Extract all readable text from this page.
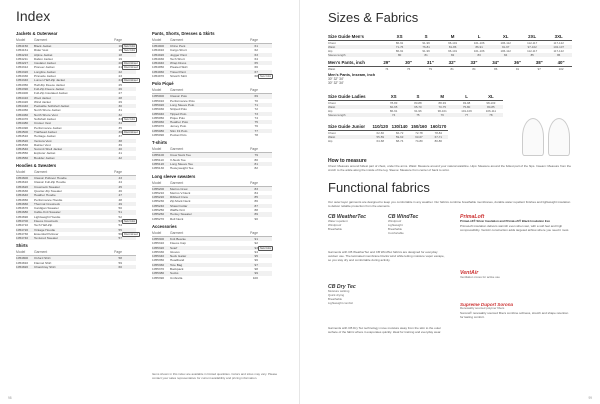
Index
Jackets & Outerwear
Model	Garment	Page
1054150	Black Jacket	16 New Color
1054161	Rider Vest	16 New Color
1054210	Alpine Jacket	18
1054211	Dalton Jacket	19
1054227	Insulator Jacket	20 Discontinued
1054312	Pioneer Jacket	21 Discontinued
1054320	Longline Jacket	22
1054330	Pinnacle Jacket	23
1054340	Lumen Half-Zip Jacket	24 Discontinued
1054350	Half-Zip Fleece Jacket	25
1054390	Full-Zip Fleece Jacket	26
1054400	Full-Zip Insulated Jacket	27
1054410	Wool Jacket	28
1054420	Wind Jacket	29
1054440	Packable Softshell Jacket	30
1054450	North Shore Jacket	31
1054460	North Shore Vest	32
1054470	Softshell Jacket	33 New Color
1054480	Cruiser Vest	34
1054490	Performance Jacket	35
1054500	Trailhead Jacket	36 Discontinued
1054510	Heritage Jacket	37
1054520	Ventura Vest	38
1054530	Rainier Vest	39
1054540	Summit Shell Jacket	40
1054550	Explorer Jacket	41
1054560	Boulder Jacket	42
Hoodies & Sweaters
Model	Garment	Page
1054600	Classic Pullover Hoodie	43
1054610	Classic Full-Zip Hoodie	44
1054620	Crewneck Sweater	45
1054630	Quarter-Zip Sweater	46
1054640	Heather Hoodie	47
1054650	Performance Hoodie	48
1054660	Thermal Crewneck	49
1054670	Cardigan Sweater	50
1054680	Cable-Knit Sweater	51
1054690	Lightweight Hoodie	52
1054700	Fleece Crewneck	53 New Color
1054710	Tech Half-Zip	54
1054720	Vintage Hoodie	55
1054730	Essential Pullover	56 Discontinued
1054740	Textured Sweater	57
Shirts
Model	Garment	Page
1054800	Oxford Shirt	58
1054810	Flannel Shirt	59
1054820	Chambray Shirt	60
Pants, Shorts, Dresses & Skirts
Model	Garment	Page
1054900	Chino Pant	61
1054910	Cargo Short	62
1054920	Jogger Pant	63
1054930	Tech Short	64
1054940	Wrap Dress	65
1054950	Pleated Skirt	66
1054960	Travel Pant	67
1054970	Stretch Skirt	68 New Color
Polo Piqué
Model	Garment	Page
1055000	Classic Polo	69
1055010	Performance Polo	70
1055020	Long Sleeve Polo	71
1055030	Striped Polo	72
1055040	Tipped Polo	73
1055050	Pique Polo	74
1055060	Heather Polo	75
1055070	Jersey Polo	76
1055080	Slim Fit Polo	77
1055090	Pocket Polo	78
T-shirts
Model	Garment	Page
1055100	Crew Neck Tee	79
1055110	V-Neck Tee	80
1055120	Long Sleeve Tee	81
1055130	Heavyweight Tee	82
Long sleeve sweaters
Model	Garment	Page
1055200	Merino Crew	83
1055210	Merino V-Neck	84
1055220	Ribbed Crew	85
1055230	Zip Mock Neck	86
1055240	Shawl Collar	87
1055250	Waffle Knit	88
1055260	Henley Sweater	89
1055270	Roll Neck	90
Accessories
Model	Garment	Page
1055300	Knit Beanie	91
1055310	Fleece Cap	92
1055320	Scarf	93 New Color
1055330	Gloves	94
1055340	Neck Gaiter	95
1055350	Headband	96
1055360	Tote Bag	97
1055370	Backpack	98
1055380	Socks	99
1055390	Umbrella	100
Items shown in this index are available in limited quantities. Colors and sizes may vary. Please contact your sales representative for current availability and pricing information.
98
Sizes & Fabrics
Size Guide Men's	XS	S	M	L	XL	2XL	3XL
Chest	86-91	91-96	96-101	101-106	106-112	112-117	117-122
Waist	71-76	76-81	81-86	86-91	91-97	97-102	102-107
Hip	86-91	91-96	96-101	101-106	106-112	112-117	117-122
Sleeve length	80	81	82	83	84	85	86
Men's Pants, inch	29"	30"	31"	32"	33"	34"	36"	38"	40"
Waist	74	76	79	81	84	86	91	97	102
Men's Pants, Inseam, inch
30" 32" 34"
30" 32" 34"
Size Guide Ladies	XS	S	M	L	XL
Chest	78-83	83-88	88-93	93-98	98-103
Waist	60-65	65-70	70-75	75-80	80-85
Hip	86-91	91-96	96-101	101-106	106-111
Sleeve length	74	75	76	77	78
Size Guide Junior	110/120 130/140 150/160 160/170
Chest	62-66	66-72	72-78	78-84
Waist	55-59	59-63	63-67	67-71
Hip	64-68	68-74	74-80	80-86
How to measure
Chest: Measure around fullest part of chest, under the arms. Waist: Measure around your natural waistline. Hips: Measure around the fullest part of the hips. Inseam: Measure from the crotch to the ankle along the inside of the leg. Sleeve: Measure from center of back to wrist.
Functional fabrics
Our outer layer garments are designed to keep you comfortable in any weather. Our fabrics combine breathable membranes, durable water repellent finishes and lightweight insulation to deliver reliable protection from the elements.
CB WeatherTec
Water repellent
Windproof
Breathable
CB WindTec
Windproof
Lightweight
Breathable
Comfortable
Garments with CB WeatherTec and CB WindTec fabrics are designed for everyday outdoor use. The laminated membrane blocks wind while letting moisture vapor escape, so you stay dry and comfortable during activity.
CB Dry Tec
Moisture wicking
Quick drying
Breathable
Lightweight comfort
Garments with CB Dry Tec technology move moisture away from the skin to the outer surface of the fabric where it evaporates quickly. Ideal for training and everyday wear.
PrimaLoft
PrimaLoft® Silver Insulation and PrimaLoft® Black Insulation Eco
PrimaLoft insulation delivers warmth even when wet, with a soft feel and high compressibility. VentAir construction adds targeted airflow where you need it most.
VentAir
Ventilation zones for active use
Supreme Duport Sorona
Renewably sourced polymer fibers
Sorona® renewably sourced fibers combine softness, stretch and shape retention for lasting comfort.
99
